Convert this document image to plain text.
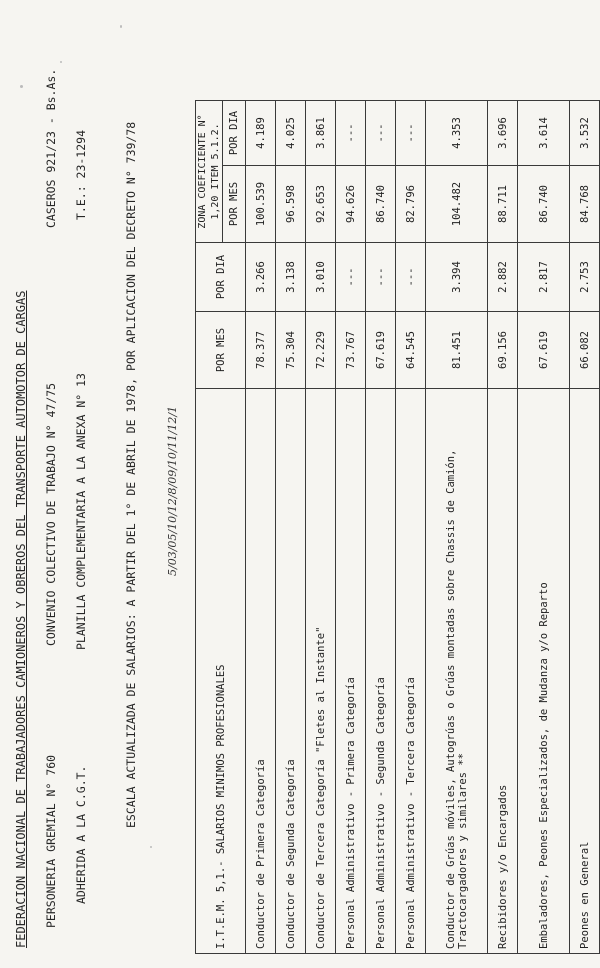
FEDERACION NACIONAL DE TRABAJADORES CAMIONEROS Y OBREROS DEL TRANSPORTE AUTOMOTOR DE CARGAS PERSONERIA GREMIAL N° 760
CONVENIO COLECTIVO DE TRABAJO N° 47/75
CASEROS 921/23 - Bs.As.
ADHERIDA A LA C.G.T.
PLANILLA COMPLEMENTARIA A LA ANEXA N° 13
T.E.: 23-1294	ESCALA ACTUALIZADA DE SALARIOS: A PARTIR DEL 1° DE ABRIL DE 1978, POR APLICACION DEL DECRETO N° 739/78	5/03/05/10/12/8/09/10/11/12/1
I.T.E.M. 5,1.- SALARIOS MINIMOS PROFESIONALES	POR MES	POR DIA	ZONA COEFICIENTE N° 1,20 ITEM 5.1.2.	
			POR MES	POR DIA
Conductor de Primera Categoría	78.377	3.266	100.539	4.189
Conductor de Segunda Categoría	75.304	3.138	96.598	4.025
Conductor de Tercera Categoría "Fletes al Instante"	72.229	3.010	92.653	3.861
Personal Administrativo - Primera Categoría	73.767	---	94.626	---
Personal Administrativo - Segunda Categoría	67.619	---	86.740	---
Personal Administrativo - Tercera Categoría	64.545	---	82.796	---
Conductor de Grúas móviles, Autogrúas o Grúas montadas sobre Chassis de Camión, Tractocargadores y similares **	81.451	3.394	104.482	4.353
Recibidores y/o Encargados	69.156	2.882	88.711	3.696
Embaladores, Peones Especializados, de Mudanza y/o Reparto	67.619	2.817	86.740	3.614
Peones en General	66.082	2.753	84.768	3.532
